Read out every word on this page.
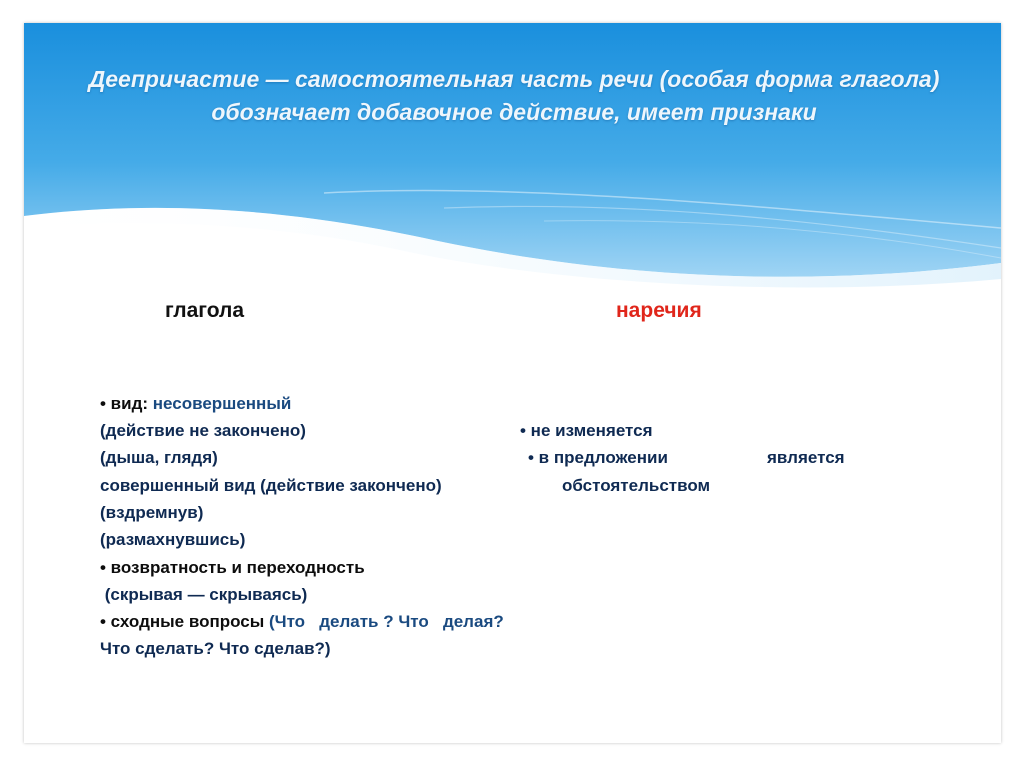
Деепричастие — самостоятельная часть речи (особая форма глагола) обозначает добавочное действие, имеет признаки
глагола	наречия
• вид: несовершенный
(действие не закончено)
(дыша, глядя)
совершенный вид (действие закончено)
(вздремнув)
(размахнувшись)
• возвратность и переходность
(скрывая — скрываясь)
• сходные вопросы (Что   делать ? Что   делая?
Что сделать? Что сделав?)
• не изменяется
• в предложении	является
обстоятельством
